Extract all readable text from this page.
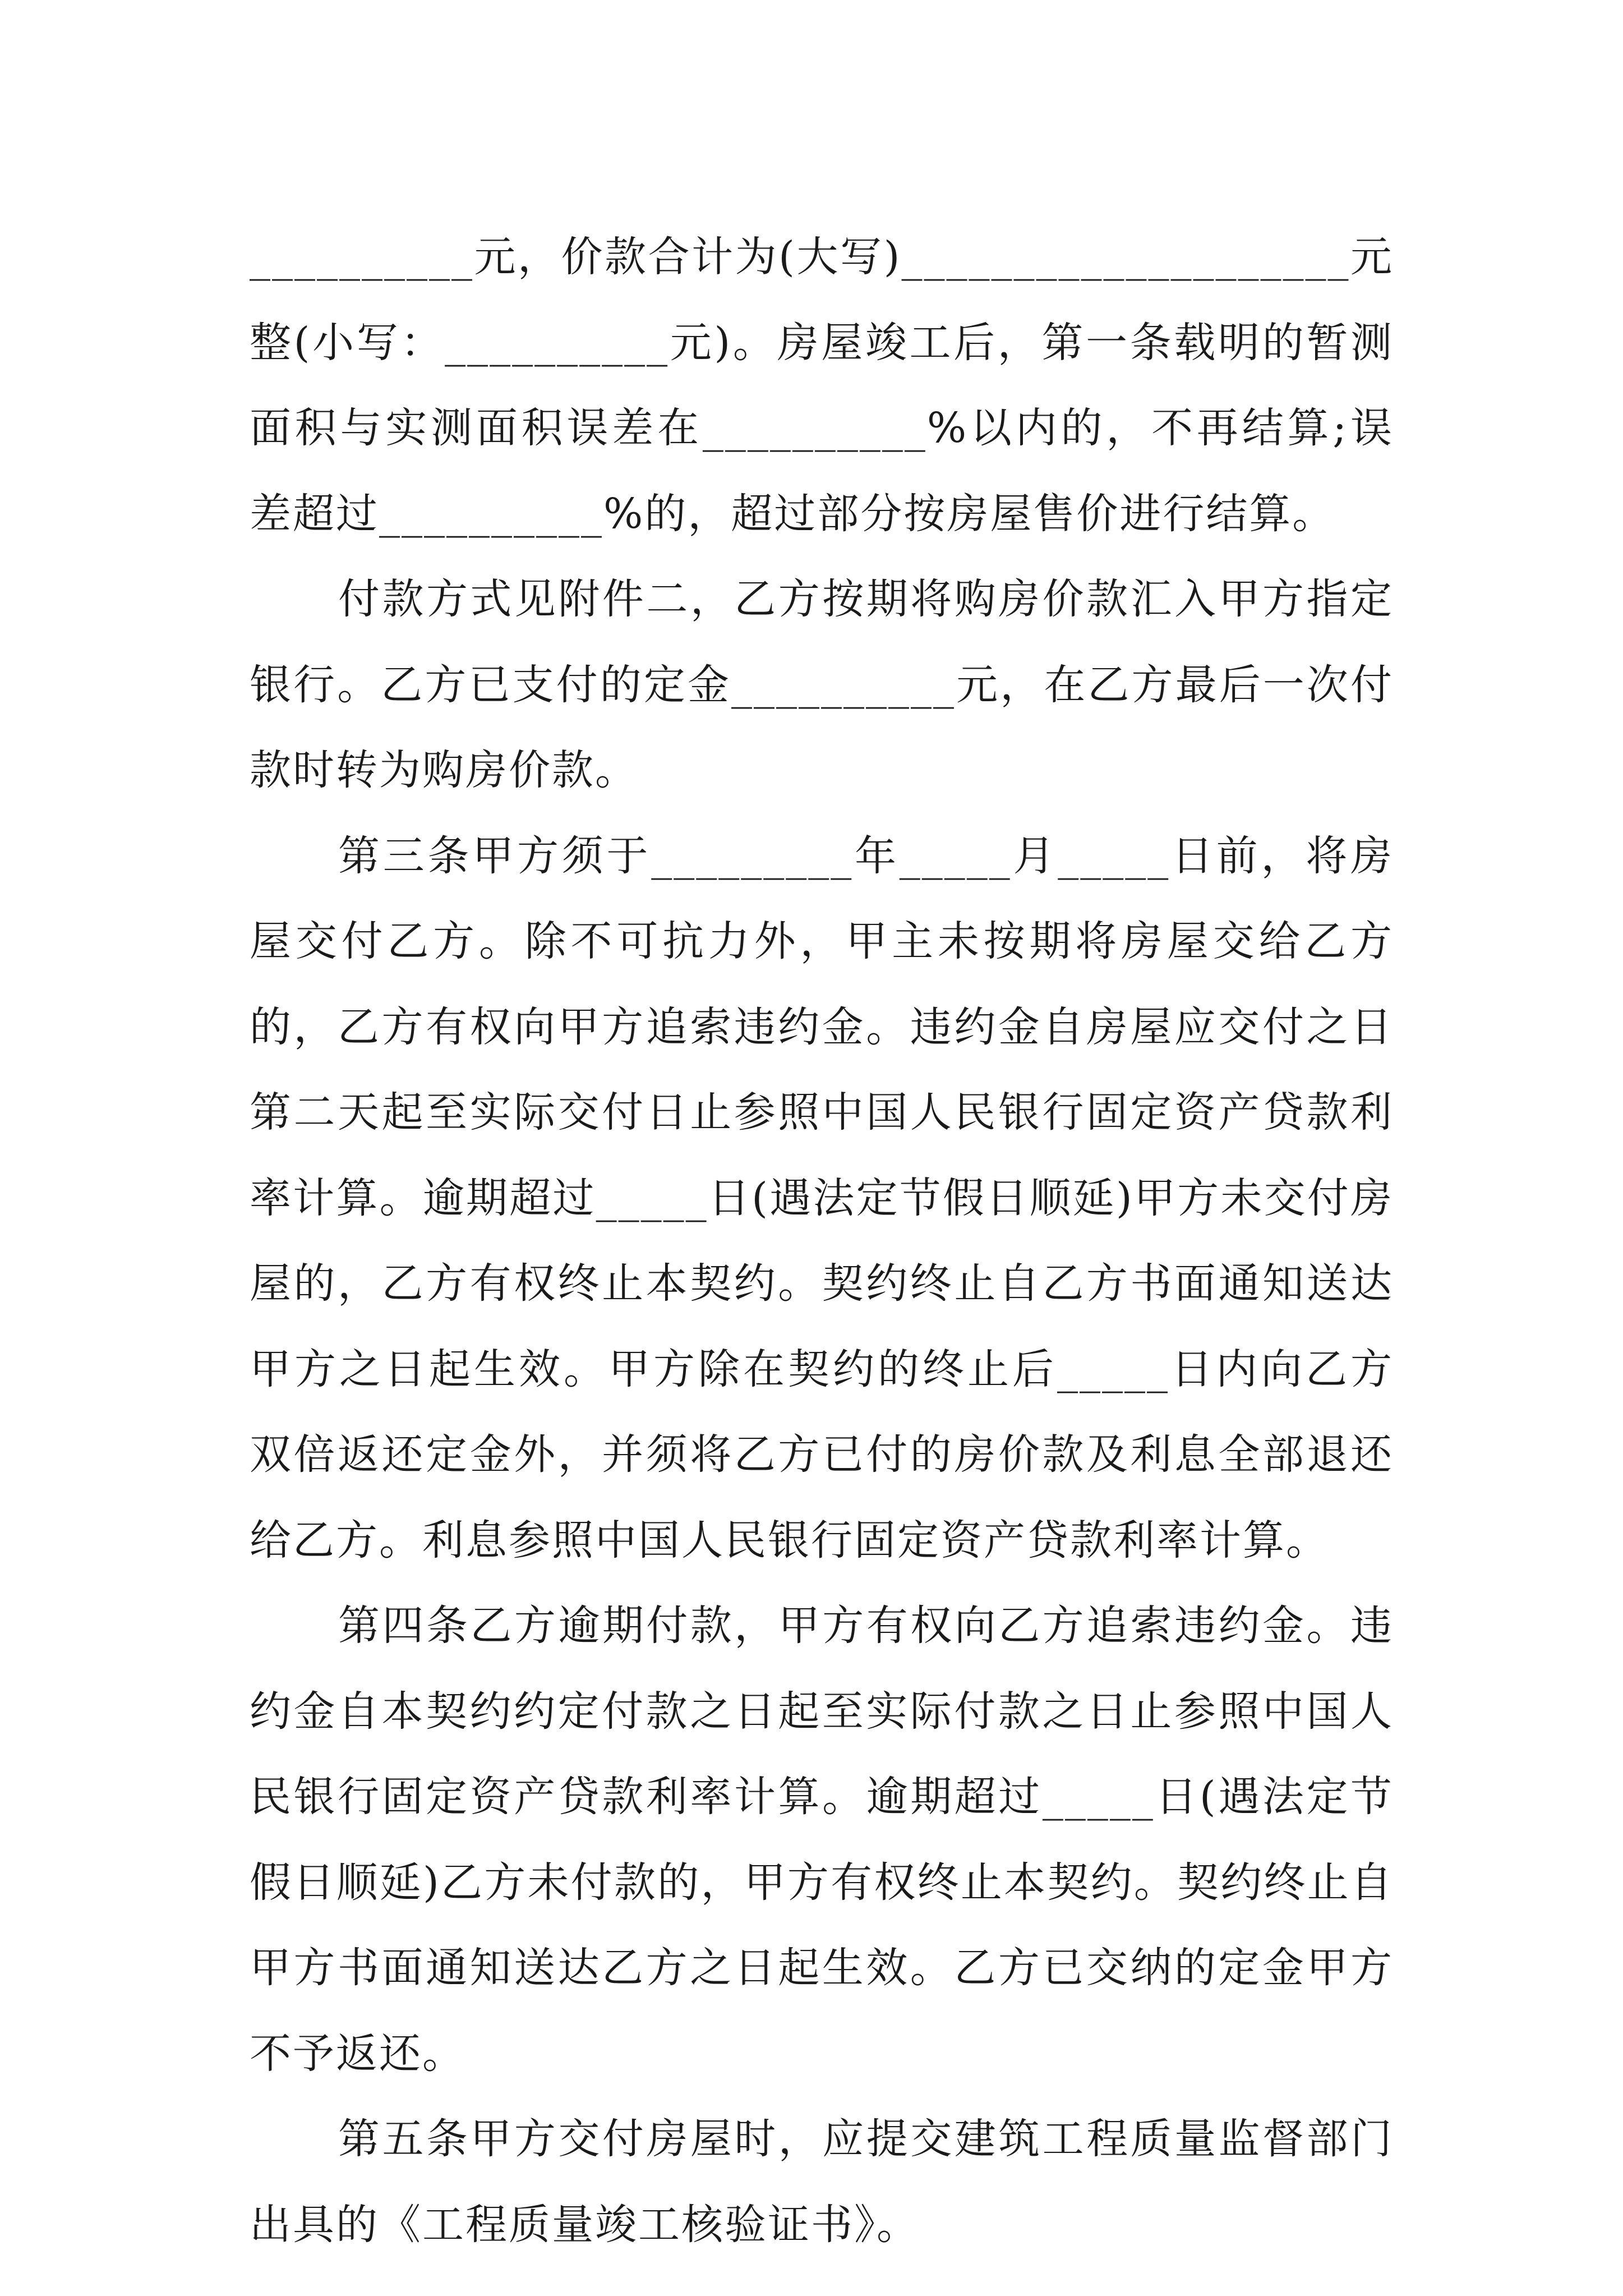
__________元，价款合计为(大写)____________________元整(小写：__________元)。房屋竣工后，第一条载明的暂测面积与实测面积误差在__________%以内的，不再结算;误差超过__________%的，超过部分按房屋售价进行结算。

付款方式见附件二，乙方按期将购房价款汇入甲方指定银行。乙方已支付的定金__________元，在乙方最后一次付款时转为购房价款。

第三条甲方须于_________年_____月_____日前，将房屋交付乙方。除不可抗力外，甲主未按期将房屋交给乙方的，乙方有权向甲方追索违约金。违约金自房屋应交付之日第二天起至实际交付日止参照中国人民银行固定资产贷款利率计算。逾期超过_____日(遇法定节假日顺延)甲方未交付房屋的，乙方有权终止本契约。契约终止自乙方书面通知送达甲方之日起生效。甲方除在契约的终止后_____日内向乙方双倍返还定金外，并须将乙方已付的房价款及利息全部退还给乙方。利息参照中国人民银行固定资产贷款利率计算。

第四条乙方逾期付款，甲方有权向乙方追索违约金。违约金自本契约约定付款之日起至实际付款之日止参照中国人民银行固定资产贷款利率计算。逾期超过_____日(遇法定节假日顺延)乙方未付款的，甲方有权终止本契约。契约终止自甲方书面通知送达乙方之日起生效。乙方已交纳的定金甲方不予返还。

第五条甲方交付房屋时，应提交建筑工程质量监督部门出具的《工程质量竣工核验证书》。
